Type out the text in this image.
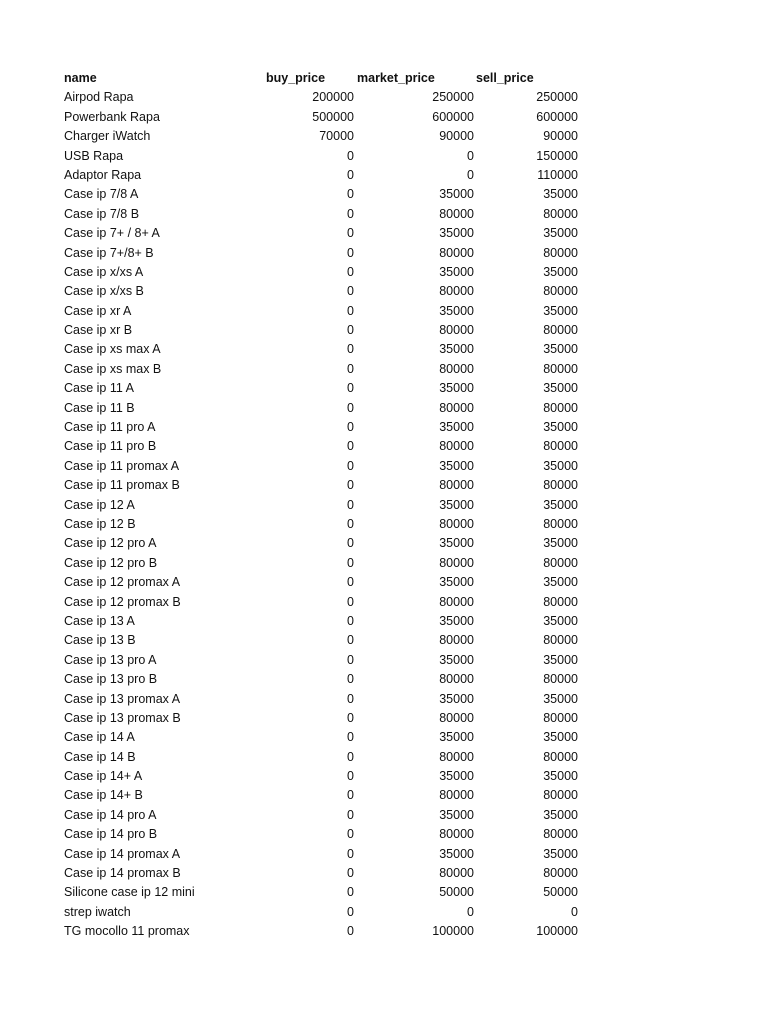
name	buy_price	market_price	sell_price
Airpod Rapa	200000	250000	250000
Powerbank Rapa	500000	600000	600000
Charger iWatch	70000	90000	90000
USB Rapa	0	0	150000
Adaptor Rapa	0	0	110000
Case ip 7/8 A	0	35000	35000
Case ip 7/8 B	0	80000	80000
Case ip 7+ / 8+ A	0	35000	35000
Case ip 7+/8+ B	0	80000	80000
Case ip x/xs A	0	35000	35000
Case ip x/xs B	0	80000	80000
Case ip xr A	0	35000	35000
Case ip xr B	0	80000	80000
Case ip xs max A	0	35000	35000
Case ip xs max B	0	80000	80000
Case ip 11 A	0	35000	35000
Case ip 11 B	0	80000	80000
Case ip 11 pro A	0	35000	35000
Case ip 11 pro B	0	80000	80000
Case ip 11 promax A	0	35000	35000
Case ip 11 promax B	0	80000	80000
Case ip 12 A	0	35000	35000
Case ip 12 B	0	80000	80000
Case ip 12 pro A	0	35000	35000
Case ip 12 pro B	0	80000	80000
Case ip 12 promax A	0	35000	35000
Case ip 12 promax B	0	80000	80000
Case ip 13 A	0	35000	35000
Case ip 13 B	0	80000	80000
Case ip 13 pro A	0	35000	35000
Case ip 13 pro B	0	80000	80000
Case ip 13 promax A	0	35000	35000
Case ip 13 promax B	0	80000	80000
Case ip 14 A	0	35000	35000
Case ip 14 B	0	80000	80000
Case ip 14+ A	0	35000	35000
Case ip 14+ B	0	80000	80000
Case ip 14 pro A	0	35000	35000
Case ip 14 pro B	0	80000	80000
Case ip 14 promax A	0	35000	35000
Case ip 14 promax B	0	80000	80000
Silicone case ip 12 mini	0	50000	50000
strep iwatch	0	0	0
TG mocollo 11 promax	0	100000	100000
